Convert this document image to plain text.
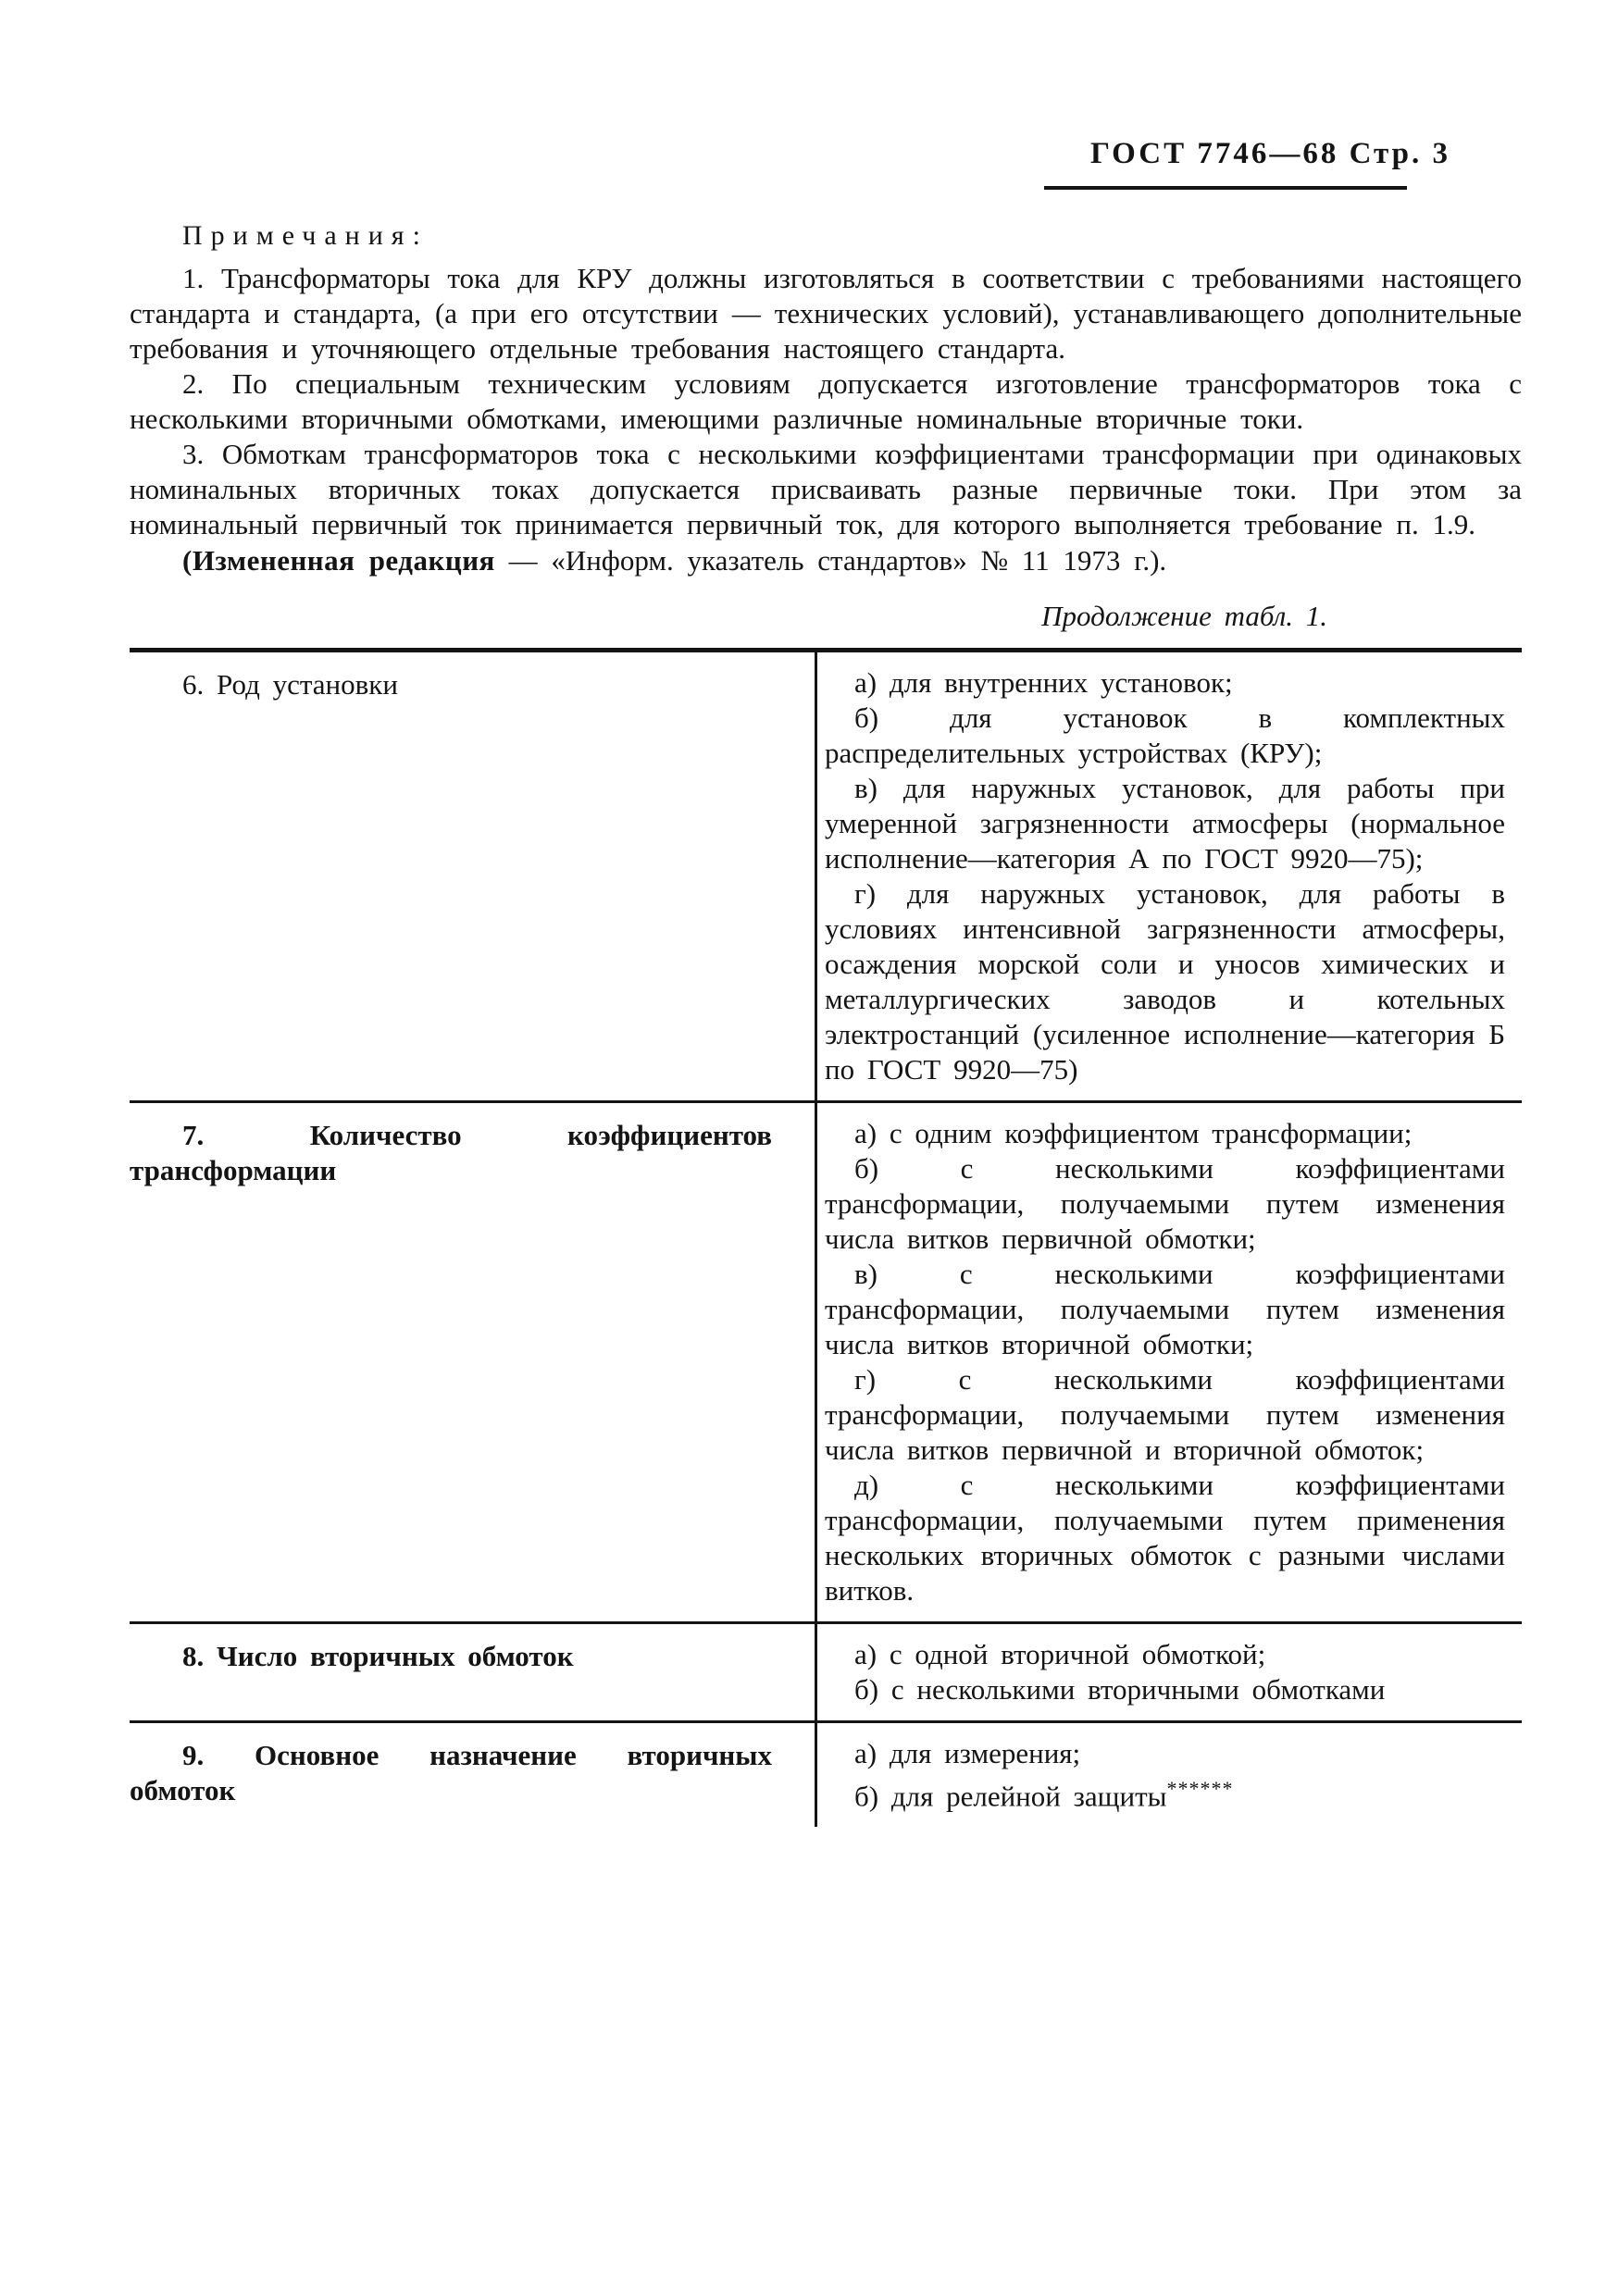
ГОСТ 7746—68 Стр. 3

Примечания:

1. Трансформаторы тока для КРУ должны изготовляться в соответствии с требованиями настоящего стандарта и стандарта, (а при его отсутствии — технических условий), устанавливающего дополнительные требования и уточняющего отдельные требования настоящего стандарта.

2. По специальным техническим условиям допускается изготовление трансформаторов тока с несколькими вторичными обмотками, имеющими различные номинальные вторичные токи.

3. Обмоткам трансформаторов тока с несколькими коэффициентами трансформации при одинаковых номинальных вторичных токах допускается присваивать разные первичные токи. При этом за номинальный первичный ток принимается первичный ток, для которого выполняется требование п. 1.9.

(Измененная редакция — «Информ. указатель стандартов» № 11 1973 г.).

Продолжение табл. 1.

6. Род установки	а) для внутренних установок;

б) для установок в комплектных распределительных устройствах (КРУ);

в) для наружных установок, для работы при умеренной загрязненности атмосферы (нормальное исполнение—категория А по ГОСТ 9920—75);

г) для наружных установок, для работы в условиях интенсивной загрязненности атмосферы, осаждения морской соли и уносов химических и металлургических заводов и котельных электростанций (усиленное исполнение—категория Б по ГОСТ 9920—75)

7. Количество коэффициентов трансформации

а) с одним коэффициентом трансформации;

б) с несколькими коэффициентами трансформации, получаемыми путем изменения числа витков первичной обмотки;

в) с несколькими коэффициентами трансформации, получаемыми путем изменения числа витков вторичной обмотки;

г) с несколькими коэффициентами трансформации, получаемыми путем изменения числа витков первичной и вторичной обмоток;

д) с несколькими коэффициентами трансформации, получаемыми путем применения нескольких вторичных обмоток с разными числами витков.

8. Число вторичных обмоток	а) с одной вторичной обмоткой;

б) с несколькими вторичными обмотками

9. Основное назначение вторичных обмоток

а) для измерения;

б) для релейной защиты******
